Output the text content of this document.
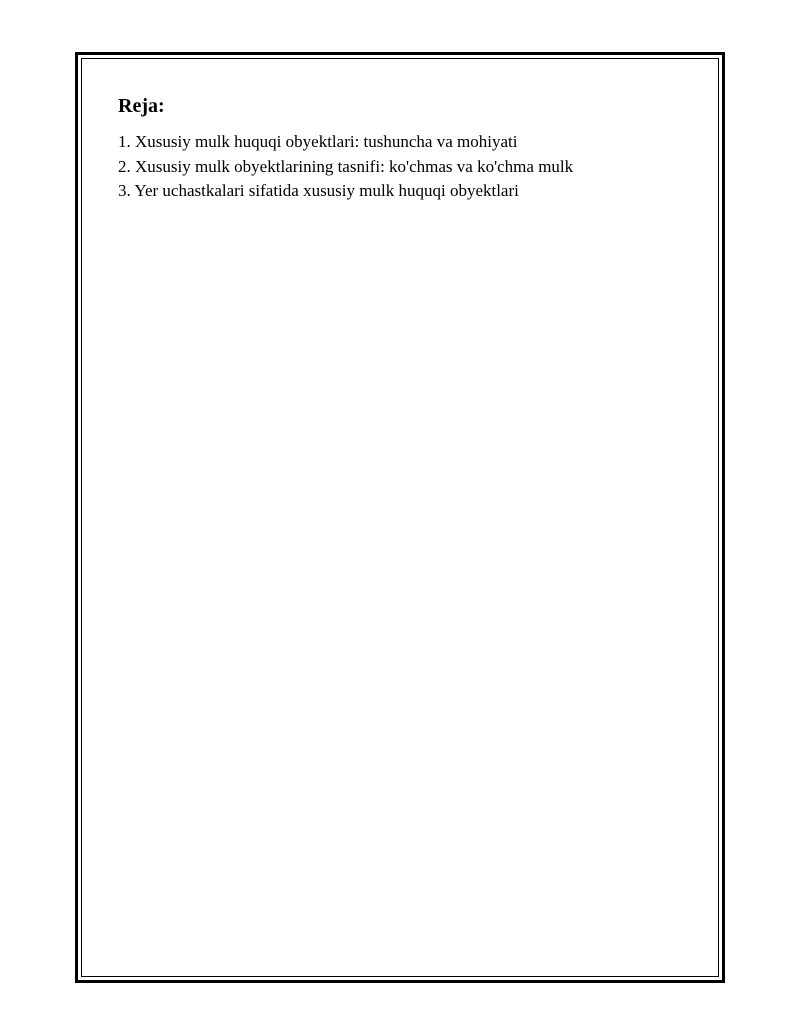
Reja:
1. Xususiy mulk huquqi obyektlari: tushuncha va mohiyati
2. Xususiy mulk obyektlarining tasnifi: ko'chmas va ko'chma mulk
3. Yer uchastkalari sifatida xususiy mulk huquqi obyektlari
